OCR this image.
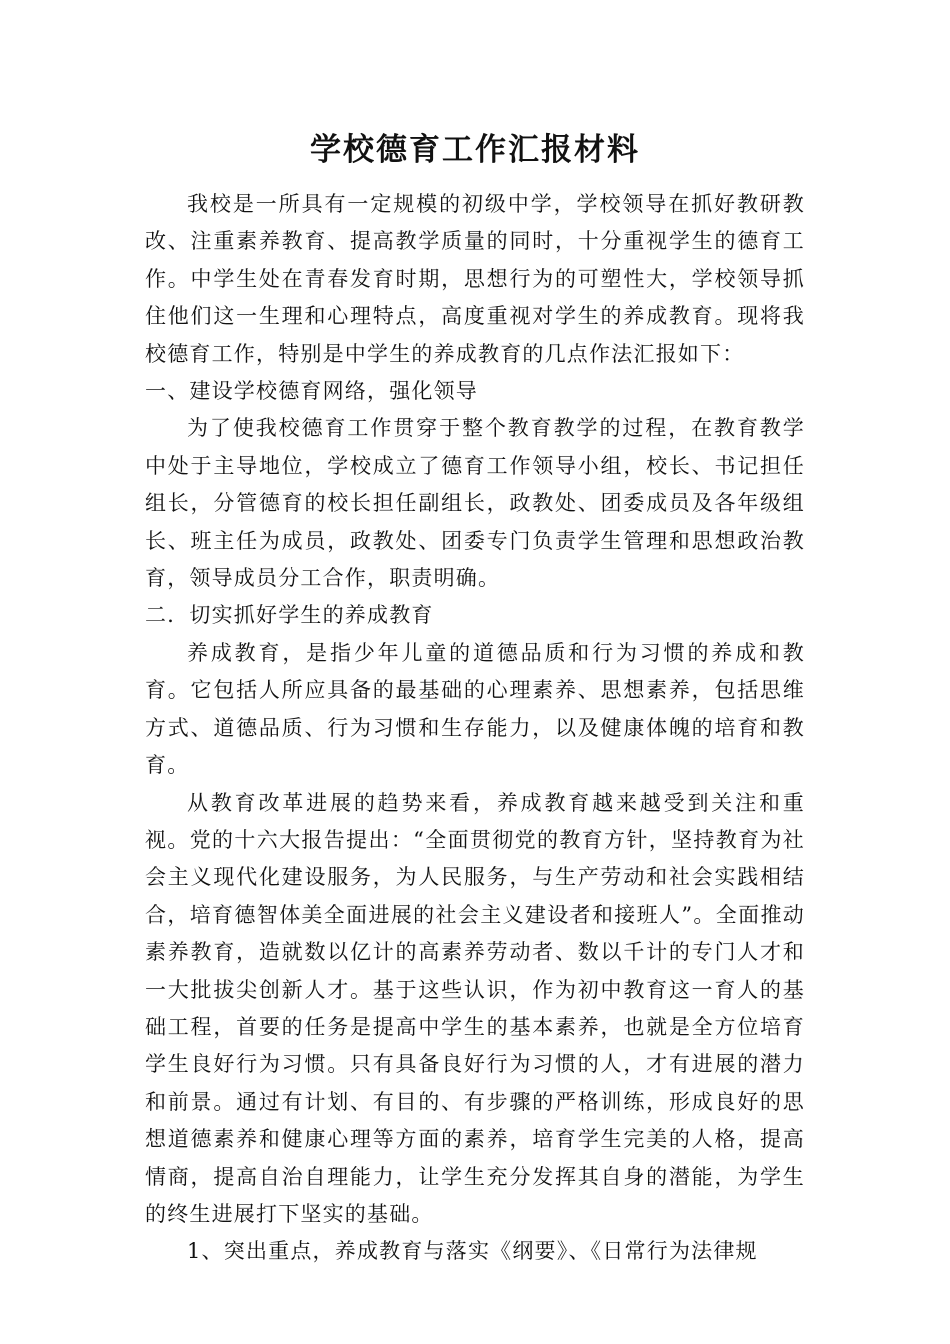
学校德育工作汇报材料

我校是一所具有一定规模的初级中学，学校领导在抓好教研教改、注重素养教育、提高教学质量的同时，十分重视学生的德育工作。中学生处在青春发育时期，思想行为的可塑性大，学校领导抓住他们这一生理和心理特点，高度重视对学生的养成教育。现将我校德育工作，特别是中学生的养成教育的几点作法汇报如下：

一、建设学校德育网络，强化领导

为了使我校德育工作贯穿于整个教育教学的过程，在教育教学中处于主导地位，学校成立了德育工作领导小组，校长、书记担任组长，分管德育的校长担任副组长，政教处、团委成员及各年级组长、班主任为成员，政教处、团委专门负责学生管理和思想政治教育，领导成员分工合作，职责明确。

二．切实抓好学生的养成教育

养成教育，是指少年儿童的道德品质和行为习惯的养成和教育。它包括人所应具备的最基础的心理素养、思想素养，包括思维方式、道德品质、行为习惯和生存能力，以及健康体魄的培育和教育。

从教育改革进展的趋势来看，养成教育越来越受到关注和重视。党的十六大报告提出：“全面贯彻党的教育方针，坚持教育为社会主义现代化建设服务，为人民服务，与生产劳动和社会实践相结合，培育德智体美全面进展的社会主义建设者和接班人”。全面推动素养教育，造就数以亿计的高素养劳动者、数以千计的专门人才和一大批拔尖创新人才。基于这些认识，作为初中教育这一育人的基础工程，首要的任务是提高中学生的基本素养，也就是全方位培育学生良好行为习惯。只有具备良好行为习惯的人，才有进展的潜力和前景。通过有计划、有目的、有步骤的严格训练，形成良好的思想道德素养和健康心理等方面的素养，培育学生完美的人格，提高情商，提高自治自理能力，让学生充分发挥其自身的潜能，为学生的终生进展打下坚实的基础。

1、突出重点，养成教育与落实《纲要》、《日常行为法律规
